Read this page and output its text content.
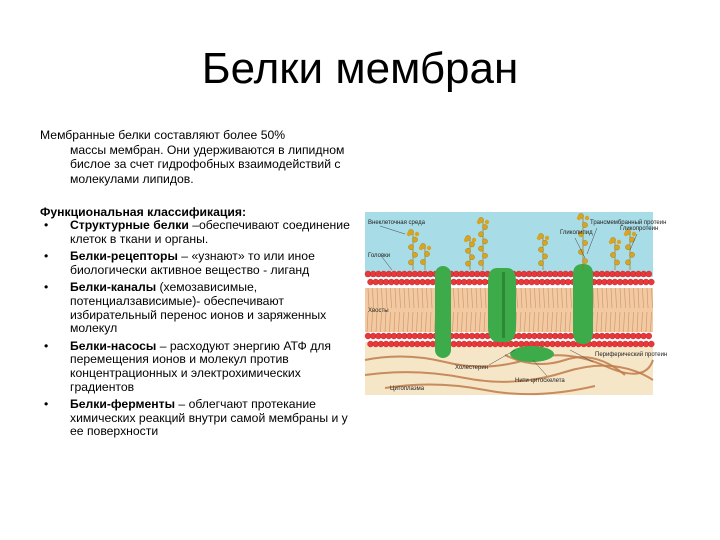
Белки мембран
Мембранные белки составляют более 50%
массы мембран. Они удерживаются в липидном бислое за счет гидрофобных взаимодействий с молекулами липидов.
Функциональная классификация:
• Структурные белки –обеспечивают соединение клеток в ткани и органы.
• Белки-рецепторы – «узнают» то или иное биологически активное вещество - лиганд
• Белки-каналы (хемозависимые, потенциалзависимые)- обеспечивают избирательный перенос ионов и заряженных молекул
• Белки-насосы – расходуют энергию АТФ для перемещения ионов и молекул против концентрационных и электрохимических градиентов
• Белки-ферменты – облегчают протекание химических реакций внутри самой мембраны и у ее поверхности
Внеклеточная среда
Головки
Хвосты
Гликолипид
Гликопротеин
Трансмембранный протеин
Холестерин
Нити цитоскелета
Периферический протеин
Цитоплазма
